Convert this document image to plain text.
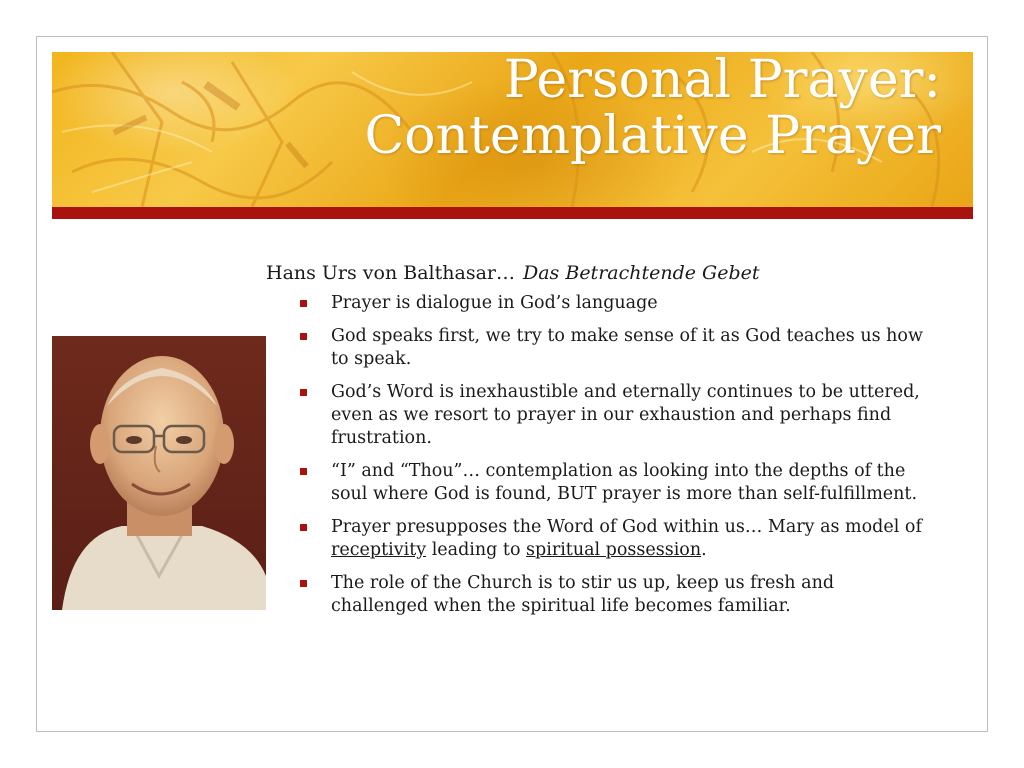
Personal Prayer:
Contemplative Prayer

Hans Urs von Balthasar… Das Betrachtende Gebet

Prayer is dialogue in God’s language
God speaks first, we try to make sense of it as God teaches us how to speak.
God’s Word is inexhaustible and eternally continues to be uttered, even as we resort to prayer in our exhaustion and perhaps find frustration.
“I” and “Thou”… contemplation as looking into the depths of the soul where God is found, BUT prayer is more than self-fulfillment.
Prayer presupposes the Word of God within us… Mary as model of receptivity leading to spiritual possession.
The role of the Church is to stir us up, keep us fresh and challenged when the spiritual life becomes familiar.
